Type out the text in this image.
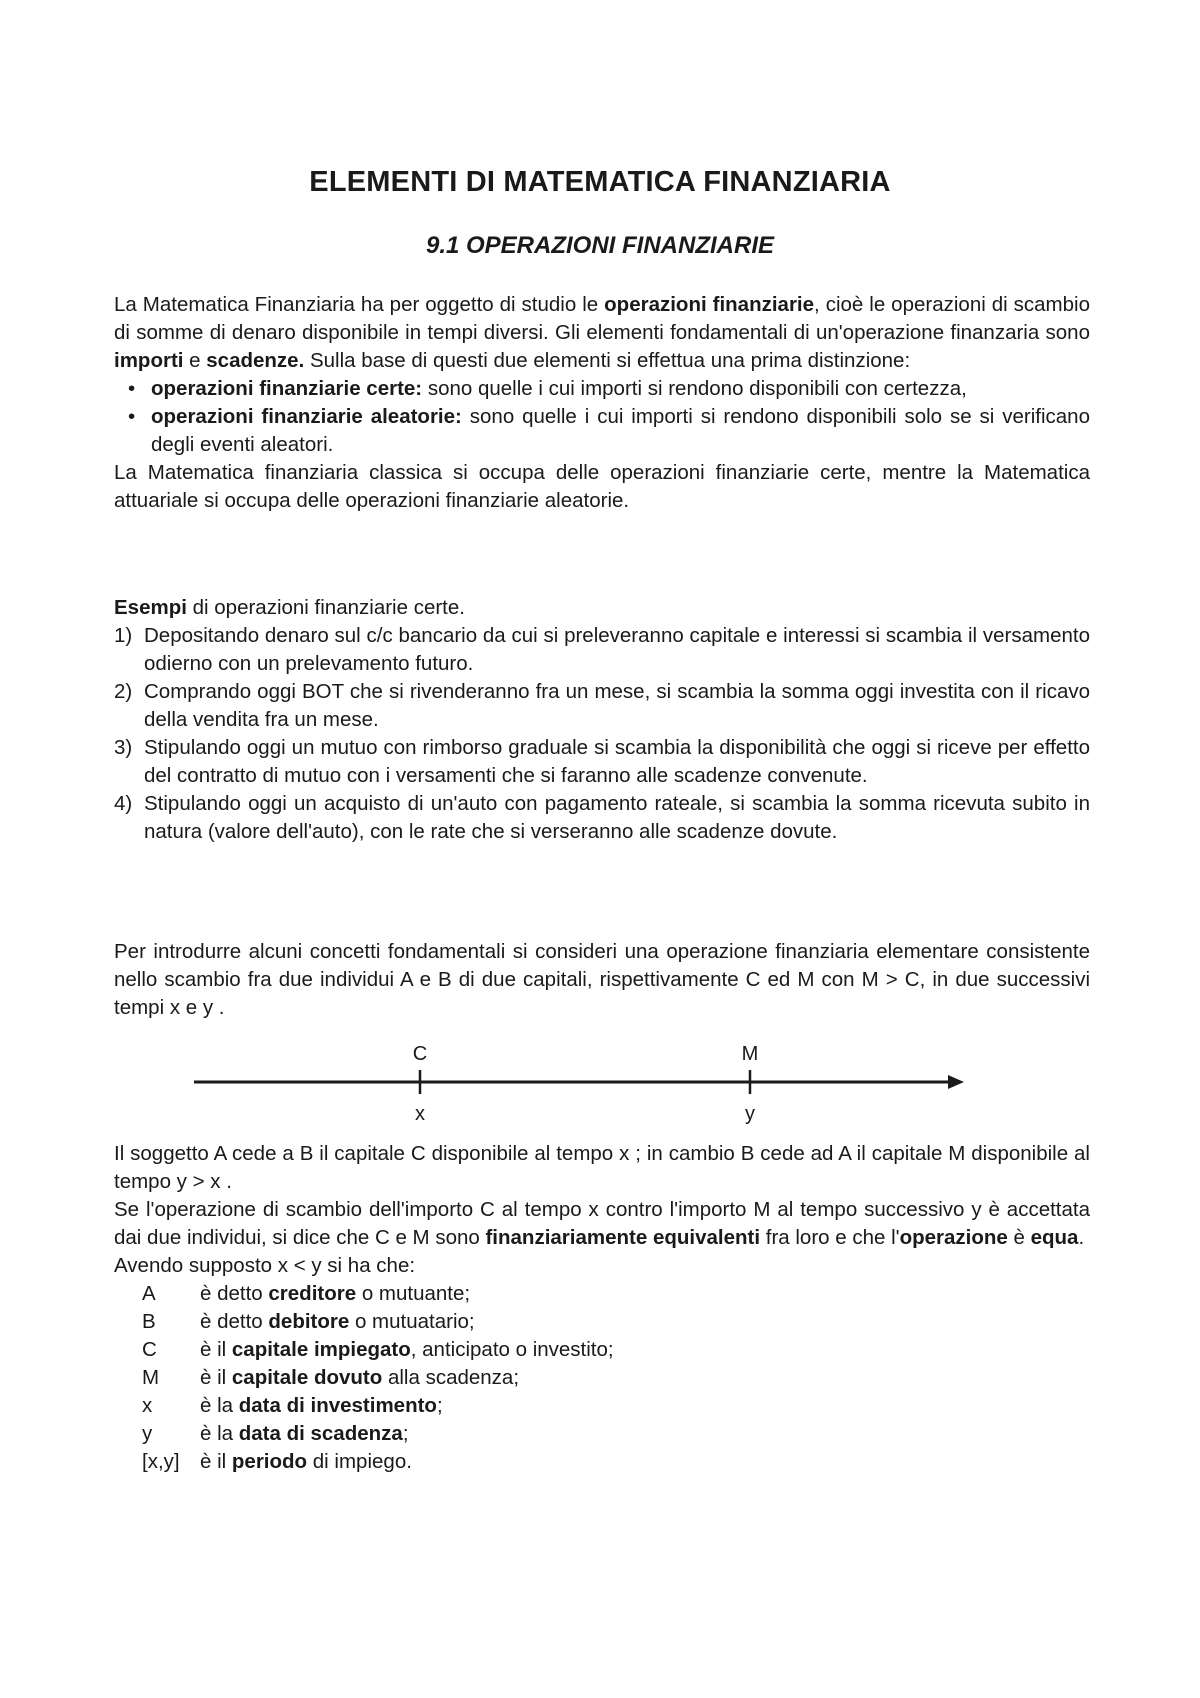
ELEMENTI DI MATEMATICA FINANZIARIA
9.1 OPERAZIONI FINANZIARIE

La Matematica Finanziaria ha per oggetto di studio le operazioni finanziarie, cioè le operazioni di scambio di somme di denaro disponibile in tempi diversi. Gli elementi fondamentali di un'operazione finanzaria sono importi e scadenze. Sulla base di questi due elementi si effettua una prima distinzione:

• operazioni finanziarie certe: sono quelle i cui importi si rendono disponibili con certezza,
• operazioni finanziarie aleatorie: sono quelle i cui importi si rendono disponibili solo se si verificano degli eventi aleatori.

La Matematica finanziaria classica si occupa delle operazioni finanziarie certe, mentre la Matematica attuariale si occupa delle operazioni finanziarie aleatorie.

Esempi di operazioni finanziarie certe.

1) Depositando denaro sul c/c bancario da cui si preleveranno capitale e interessi si scambia il versamento odierno con un prelevamento futuro.
2) Comprando oggi BOT che si rivenderanno fra un mese, si scambia la somma oggi investita con il ricavo della vendita fra un mese.
3) Stipulando oggi un mutuo con rimborso graduale si scambia la disponibilità che oggi si riceve per effetto del contratto di mutuo con i versamenti che si faranno alle scadenze convenute.
4) Stipulando oggi un acquisto di un'auto con pagamento rateale, si scambia la somma ricevuta subito in natura (valore dell'auto), con le rate che si verseranno alle scadenze dovute.

Per introdurre alcuni concetti fondamentali si consideri una operazione finanziaria elementare consistente nello scambio fra due individui A e B di due capitali, rispettivamente C ed M con M > C, in due successivi tempi x e y .

C	M
x	y

Il soggetto A cede a B il capitale C disponibile al tempo x ; in cambio B cede ad A il capitale M disponibile al tempo y > x .

Se l'operazione di scambio dell'importo C al tempo x contro l'importo M al tempo successivo y è accettata dai due individui, si dice che C e M sono finanziariamente equivalenti fra loro e che l'operazione è equa.

Avendo supposto x < y si ha che:

A è detto creditore o mutuante;
B è detto debitore o mutuatario;
C è il capitale impiegato, anticipato o investito;
M è il capitale dovuto alla scadenza;
x è la data di investimento;
y è la data di scadenza;
[x,y] è il periodo di impiego.
